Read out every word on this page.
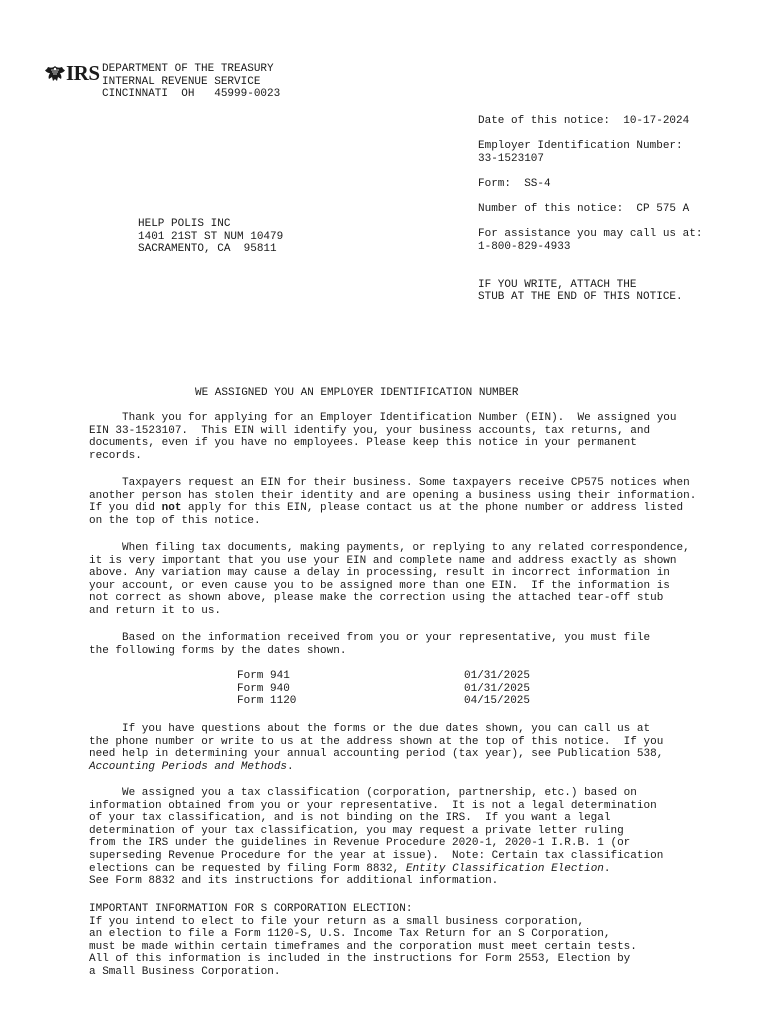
IRS DEPARTMENT OF THE TREASURY
INTERNAL REVENUE SERVICE
CINCINNATI  OH   45999-0023
Date of this notice:  10-17-2024

Employer Identification Number:
33-1523107

Form:  SS-4

Number of this notice:  CP 575 A

For assistance you may call us at:
1-800-829-4933

IF YOU WRITE, ATTACH THE
STUB AT THE END OF THIS NOTICE.
HELP POLIS INC
1401 21ST ST NUM 10479
SACRAMENTO, CA  95811
WE ASSIGNED YOU AN EMPLOYER IDENTIFICATION NUMBER
Thank you for applying for an Employer Identification Number (EIN).  We assigned you
EIN 33-1523107.  This EIN will identify you, your business accounts, tax returns, and
documents, even if you have no employees. Please keep this notice in your permanent
records.
Taxpayers request an EIN for their business. Some taxpayers receive CP575 notices when
another person has stolen their identity and are opening a business using their information.
If you did not apply for this EIN, please contact us at the phone number or address listed
on the top of this notice.
When filing tax documents, making payments, or replying to any related correspondence,
it is very important that you use your EIN and complete name and address exactly as shown
above. Any variation may cause a delay in processing, result in incorrect information in
your account, or even cause you to be assigned more than one EIN.  If the information is
not correct as shown above, please make the correction using the attached tear-off stub
and return it to us.
Based on the information received from you or your representative, you must file
the following forms by the dates shown.

Form 941

	01/31/2025

Form 940

	01/31/2025

Form 1120

	04/15/2025

If you have questions about the forms or the due dates shown, you can call us at
the phone number or write to us at the address shown at the top of this notice.  If you
need help in determining your annual accounting period (tax year), see Publication 538,
Accounting Periods and Methods.
We assigned you a tax classification (corporation, partnership, etc.) based on
information obtained from you or your representative.  It is not a legal determination
of your tax classification, and is not binding on the IRS.  If you want a legal
determination of your tax classification, you may request a private letter ruling
from the IRS under the guidelines in Revenue Procedure 2020-1, 2020-1 I.R.B. 1 (or
superseding Revenue Procedure for the year at issue).  Note: Certain tax classification
elections can be requested by filing Form 8832, Entity Classification Election.
See Form 8832 and its instructions for additional information.
IMPORTANT INFORMATION FOR S CORPORATION ELECTION:
If you intend to elect to file your return as a small business corporation,
an election to file a Form 1120-S, U.S. Income Tax Return for an S Corporation,
must be made within certain timeframes and the corporation must meet certain tests.
All of this information is included in the instructions for Form 2553, Election by
a Small Business Corporation.
